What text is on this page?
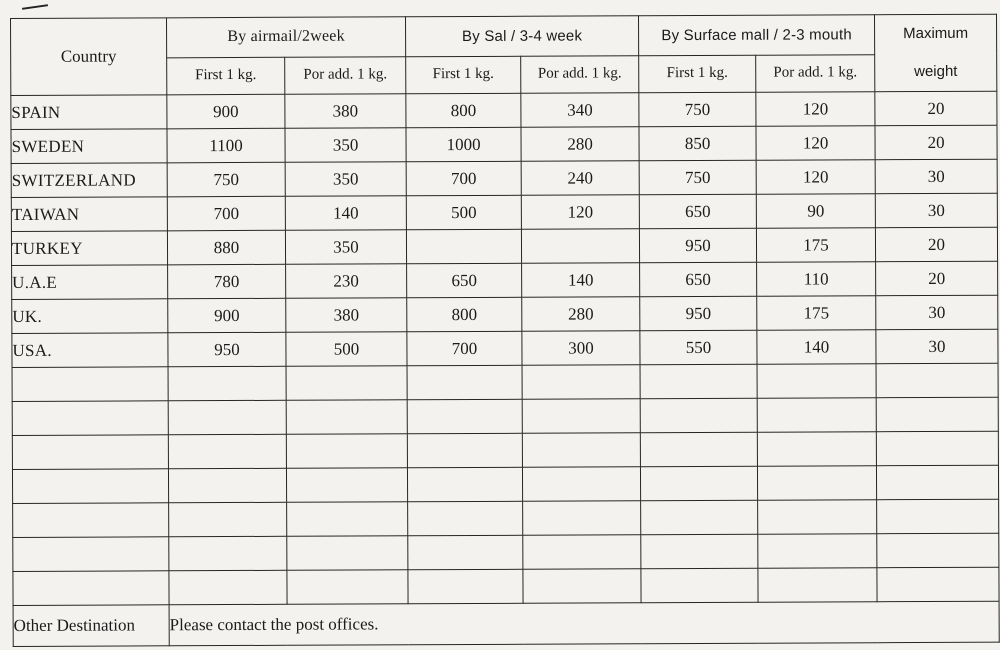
Country	By airmail/2week		By Sal / 3-4 week		By Surface mall / 2-3 mouth		Maximum
weight

	First 1 kg.	Por add. 1 kg.	First 1 kg.	Por add. 1 kg.	First 1 kg.	Por add. 1 kg.	
SPAIN	900	380	800	340	750	120	20
SWEDEN	1100	350	1000	280	850	120	20
SWITZERLAND	750	350	700	240	750	120	30
TAIWAN	700	140	500	120	650	90	30
TURKEY	880	350			950	175	20
U.A.E	780	230	650	140	650	110	20
UK.	900	380	800	280	950	175	30
USA.	950	500	700	300	550	140	30

Other Destination	Please contact the post offices.						
